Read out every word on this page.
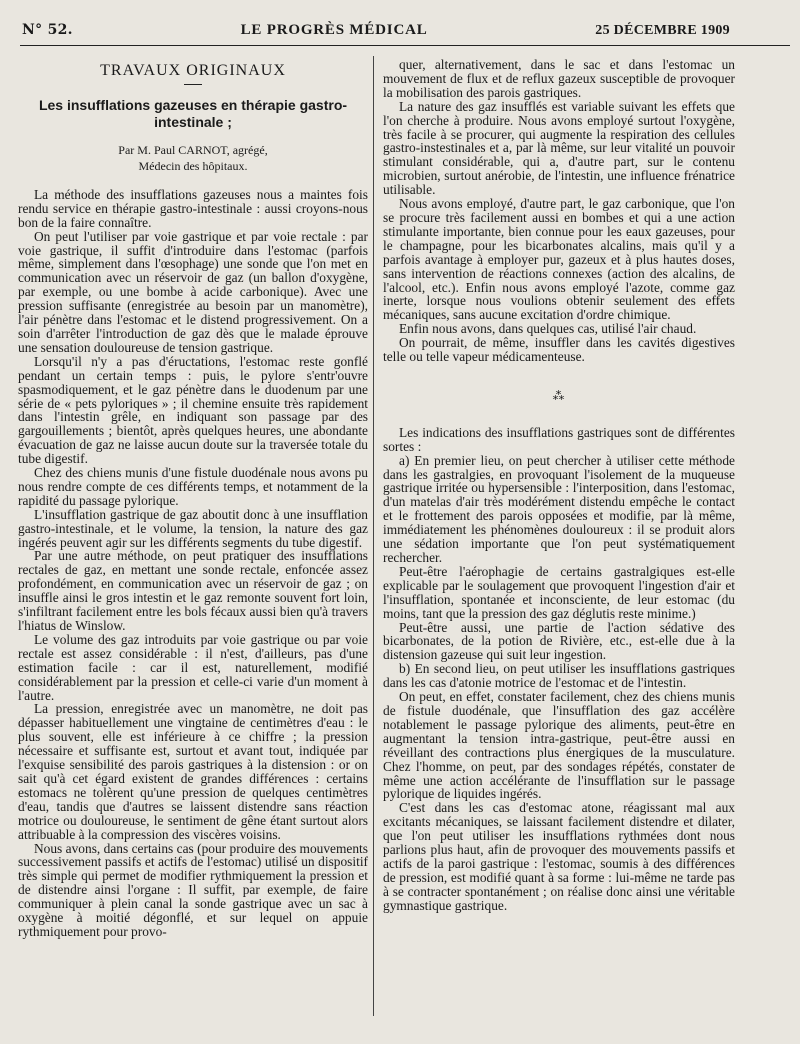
N° 52.	LE PROGRÈS MÉDICAL	25 DÉCEMBRE 1909
TRAVAUX ORIGINAUX
Les insufflations gazeuses en thérapie gastro-intestinale ;
Par M. Paul CARNOT, agrégé,
Médecin des hôpitaux.

La méthode des insufflations gazeuses nous a maintes fois rendu service en thérapie gastro-intestinale : aussi croyons-nous bon de la faire connaître.

On peut l'utiliser par voie gastrique et par voie rectale : par voie gastrique, il suffit d'introduire dans l'estomac (parfois même, simplement dans l'œsophage) une sonde que l'on met en communication avec un réservoir de gaz (un ballon d'oxygène, par exemple, ou une bombe à acide carbonique). Avec une pression suffisante (enregistrée au besoin par un manomètre), l'air pénètre dans l'estomac et le distend progressivement. On a soin d'arrêter l'introduction de gaz dès que le malade éprouve une sensation douloureuse de tension gastrique.

Lorsqu'il n'y a pas d'éructations, l'estomac reste gonflé pendant un certain temps : puis, le pylore s'entr'ouvre spasmodiquement, et le gaz pénètre dans le duodenum par une série de « pets pyloriques » ; il chemine ensuite très rapidement dans l'intestin grêle, en indiquant son passage par des gargouillements ; bientôt, après quelques heures, une abondante évacuation de gaz ne laisse aucun doute sur la traversée totale du tube digestif.

Chez des chiens munis d'une fistule duodénale nous avons pu nous rendre compte de ces différents temps, et notamment de la rapidité du passage pylorique.

L'insufflation gastrique de gaz aboutit donc à une insufflation gastro-intestinale, et le volume, la tension, la nature des gaz ingérés peuvent agir sur les différents segments du tube digestif.

Par une autre méthode, on peut pratiquer des insufflations rectales de gaz, en mettant une sonde rectale, enfoncée assez profondément, en communication avec un réservoir de gaz ; on insuffle ainsi le gros intestin et le gaz remonte souvent fort loin, s'infiltrant facilement entre les bols fécaux aussi bien qu'à travers l'hiatus de Winslow.

Le volume des gaz introduits par voie gastrique ou par voie rectale est assez considérable : il n'est, d'ailleurs, pas d'une estimation facile : car il est, naturellement, modifié considérablement par la pression et celle-ci varie d'un moment à l'autre.

La pression, enregistrée avec un manomètre, ne doit pas dépasser habituellement une vingtaine de centimètres d'eau : le plus souvent, elle est inférieure à ce chiffre ; la pression nécessaire et suffisante est, surtout et avant tout, indiquée par l'exquise sensibilité des parois gastriques à la distension : or on sait qu'à cet égard existent de grandes différences : certains estomacs ne tolèrent qu'une pression de quelques centimètres d'eau, tandis que d'autres se laissent distendre sans réaction motrice ou douloureuse, le sentiment de gêne étant surtout alors attribuable à la compression des viscères voisins.

Nous avons, dans certains cas (pour produire des mouvements successivement passifs et actifs de l'estomac) utilisé un dispositif très simple qui permet de modifier rythmiquement la pression et de distendre ainsi l'organe : Il suffit, par exemple, de faire communiquer à plein canal la sonde gastrique avec un sac à oxygène à moitié dégonflé, et sur lequel on appuie rythmiquement pour provo-

quer, alternativement, dans le sac et dans l'estomac un mouvement de flux et de reflux gazeux susceptible de provoquer la mobilisation des parois gastriques.

La nature des gaz insufflés est variable suivant les effets que l'on cherche à produire. Nous avons employé surtout l'oxygène, très facile à se procurer, qui augmente la respiration des cellules gastro-instestinales et a, par là même, sur leur vitalité un pouvoir stimulant considérable, qui a, d'autre part, sur le contenu microbien, surtout anérobie, de l'intestin, une influence frénatrice utilisable.

Nous avons employé, d'autre part, le gaz carbonique, que l'on se procure très facilement aussi en bombes et qui a une action stimulante importante, bien connue pour les eaux gazeuses, pour le champagne, pour les bicarbonates alcalins, mais qu'il y a parfois avantage à employer pur, gazeux et à plus hautes doses, sans intervention de réactions connexes (action des alcalins, de l'alcool, etc.). Enfin nous avons employé l'azote, comme gaz inerte, lorsque nous voulions obtenir seulement des effets mécaniques, sans aucune excitation d'ordre chimique.

Enfin nous avons, dans quelques cas, utilisé l'air chaud.

On pourrait, de même, insuffler dans les cavités digestives telle ou telle vapeur médicamenteuse.

⁂

Les indications des insufflations gastriques sont de différentes sortes :

a) En premier lieu, on peut chercher à utiliser cette méthode dans les gastralgies, en provoquant l'isolement de la muqueuse gastrique irritée ou hypersensible : l'interposition, dans l'estomac, d'un matelas d'air très modérément distendu empêche le contact et le frottement des parois opposées et modifie, par là même, immédiatement les phénomènes douloureux : il se produit alors une sédation importante que l'on peut systématiquement rechercher.

Peut-être l'aérophagie de certains gastralgiques est-elle explicable par le soulagement que provoquent l'ingestion d'air et l'insufflation, spontanée et inconsciente, de leur estomac (du moins, tant que la pression des gaz déglutis reste minime.)

Peut-être aussi, une partie de l'action sédative des bicarbonates, de la potion de Rivière, etc., est-elle due à la distension gazeuse qui suit leur ingestion.

b) En second lieu, on peut utiliser les insufflations gastriques dans les cas d'atonie motrice de l'estomac et de l'intestin.

On peut, en effet, constater facilement, chez des chiens munis de fistule duodénale, que l'insufflation des gaz accélère notablement le passage pylorique des aliments, peut-être en augmentant la tension intra-gastrique, peut-être aussi en réveillant des contractions plus énergiques de la musculature. Chez l'homme, on peut, par des sondages répétés, constater de même une action accélérante de l'insufflation sur le passage pylorique de liquides ingérés.

C'est dans les cas d'estomac atone, réagissant mal aux excitants mécaniques, se laissant facilement distendre et dilater, que l'on peut utiliser les insufflations rythmées dont nous parlions plus haut, afin de provoquer des mouvements passifs et actifs de la paroi gastrique : l'estomac, soumis à des différences de pression, est modifié quant à sa forme : lui-même ne tarde pas à se contracter spontanément ; on réalise donc ainsi une véritable gymnastique gastrique.
